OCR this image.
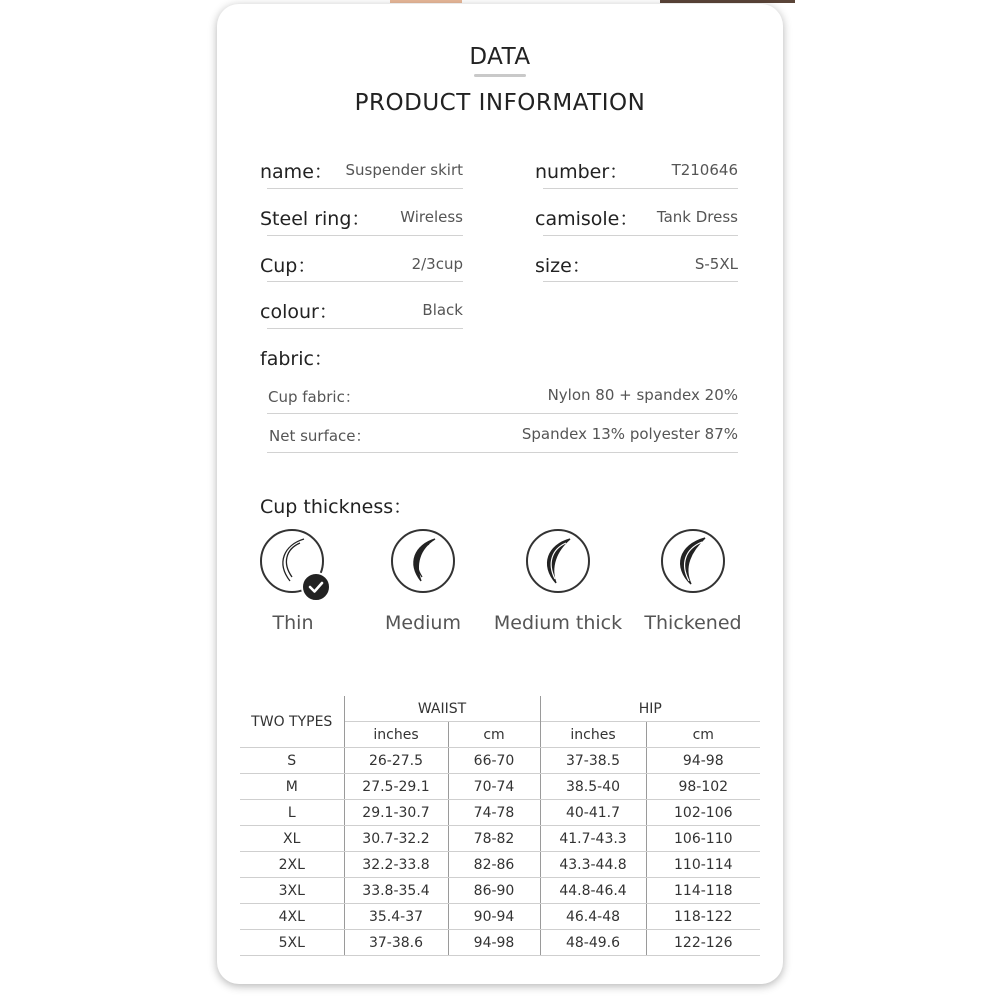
DATA
PRODUCT INFORMATION
name： Suspender skirt	number：	T210646
Steel ring：	Wireless	camisole：	Tank Dress
Cup：	2/3cup	size：	S-5XL
colour：	Black
fabric：
Cup fabric：	Nylon 80 + spandex 20%
Net surface：	Spandex 13% polyester 87%
Cup thickness：
Thin	Medium	Medium thick	Thickened
TWO TYPES	WAIIST		HIP	
	inches	cm	inches	cm
S	26-27.5	66-70	37-38.5	94-98
M	27.5-29.1	70-74	38.5-40	98-102
L	29.1-30.7	74-78	40-41.7	102-106
XL	30.7-32.2	78-82	41.7-43.3	106-110
2XL	32.2-33.8	82-86	43.3-44.8	110-114
3XL	33.8-35.4	86-90	44.8-46.4	114-118
4XL	35.4-37	90-94	46.4-48	118-122
5XL	37-38.6	94-98	48-49.6	122-126
